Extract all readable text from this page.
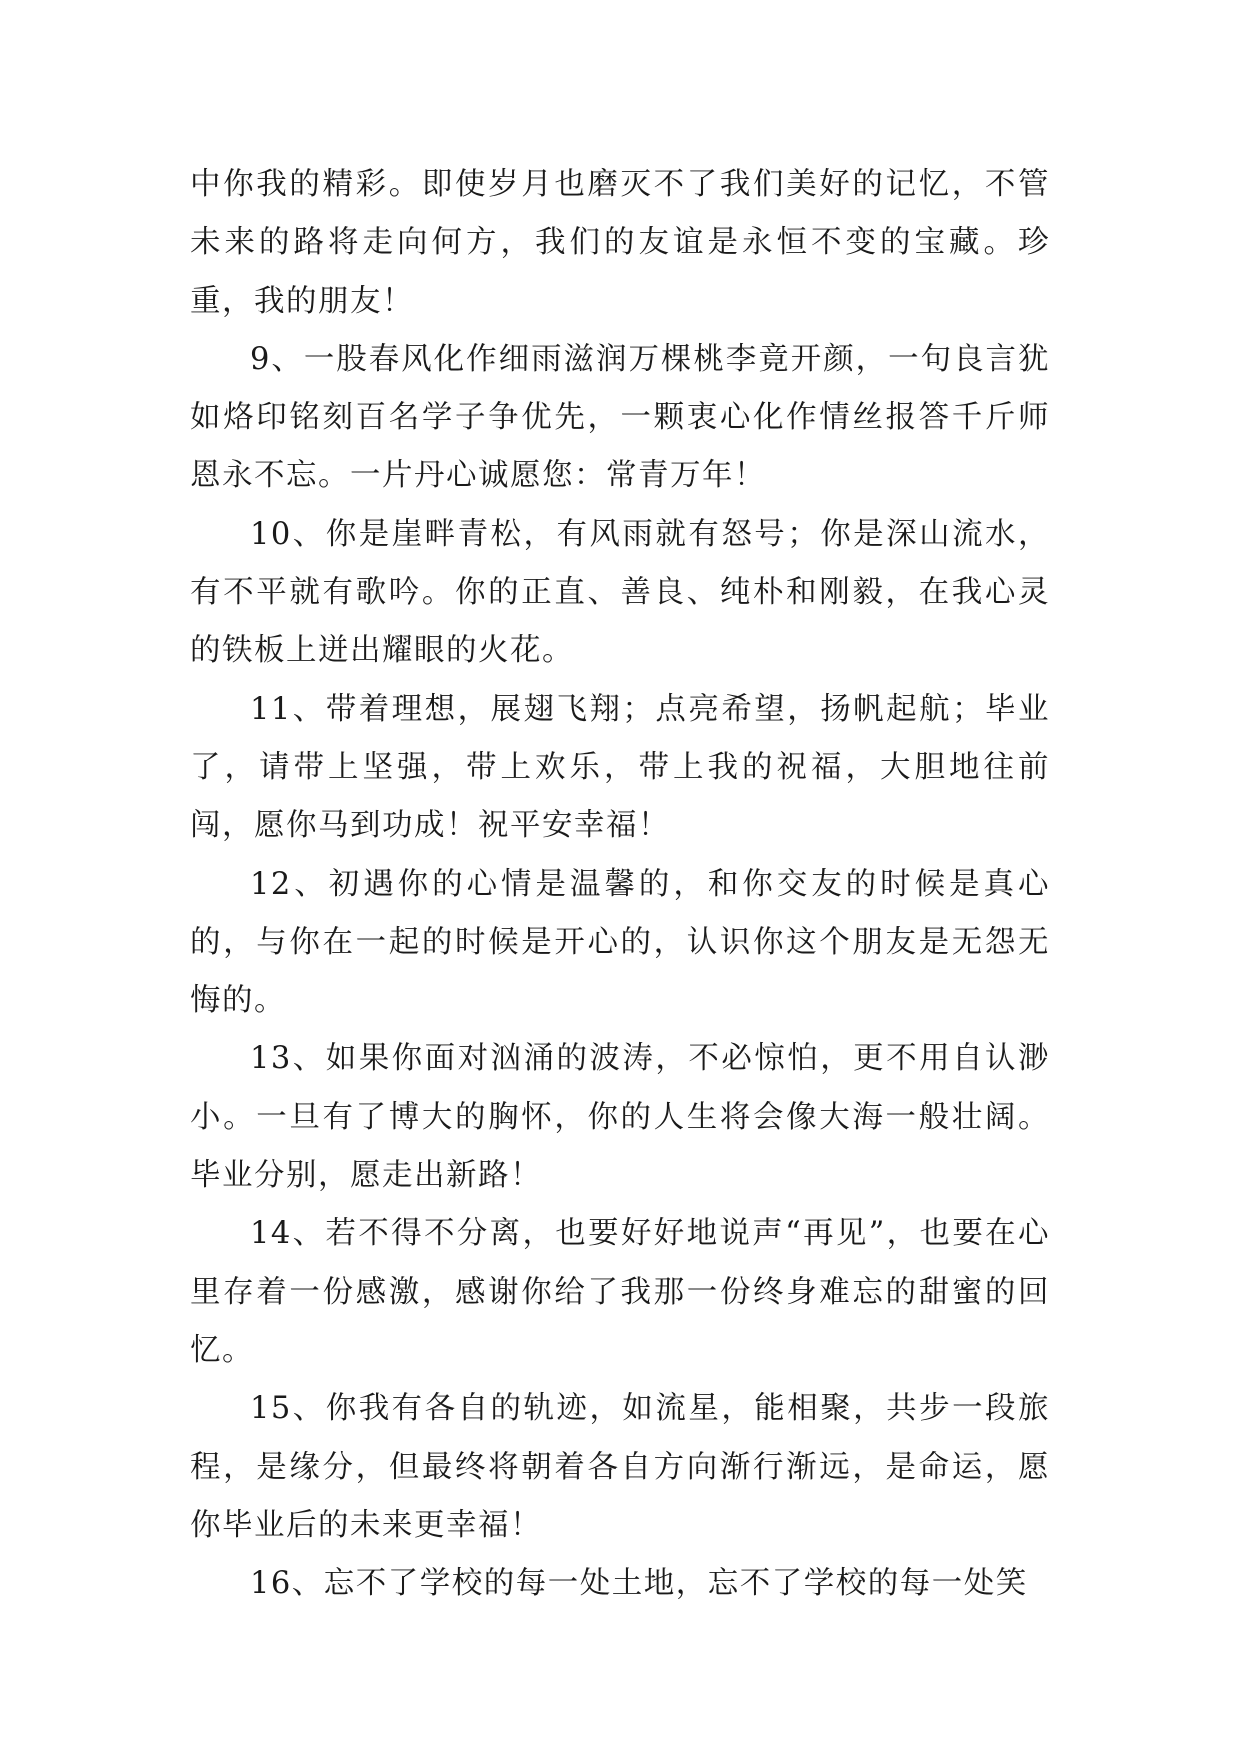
中你我的精彩。即使岁月也磨灭不了我们美好的记忆，不管未来的路将走向何方，我们的友谊是永恒不变的宝藏。珍重，我的朋友！

9、一股春风化作细雨滋润万棵桃李竟开颜，一句良言犹如烙印铭刻百名学子争优先，一颗衷心化作情丝报答千斤师恩永不忘。一片丹心诚愿您：常青万年！

10、你是崖畔青松，有风雨就有怒号；你是深山流水，有不平就有歌吟。你的正直、善良、纯朴和刚毅，在我心灵的铁板上迸出耀眼的火花。

11、带着理想，展翅飞翔；点亮希望，扬帆起航；毕业了，请带上坚强，带上欢乐，带上我的祝福，大胆地往前闯，愿你马到功成！祝平安幸福！

12、初遇你的心情是温馨的，和你交友的时候是真心的，与你在一起的时候是开心的，认识你这个朋友是无怨无悔的。

13、如果你面对汹涌的波涛，不必惊怕，更不用自认渺小。一旦有了博大的胸怀，你的人生将会像大海一般壮阔。毕业分别，愿走出新路！

14、若不得不分离，也要好好地说声“再见”，也要在心里存着一份感激，感谢你给了我那一份终身难忘的甜蜜的回忆。

15、你我有各自的轨迹，如流星，能相聚，共步一段旅程，是缘分，但最终将朝着各自方向渐行渐远，是命运，愿你毕业后的未来更幸福！

16、忘不了学校的每一处土地，忘不了学校的每一处笑
